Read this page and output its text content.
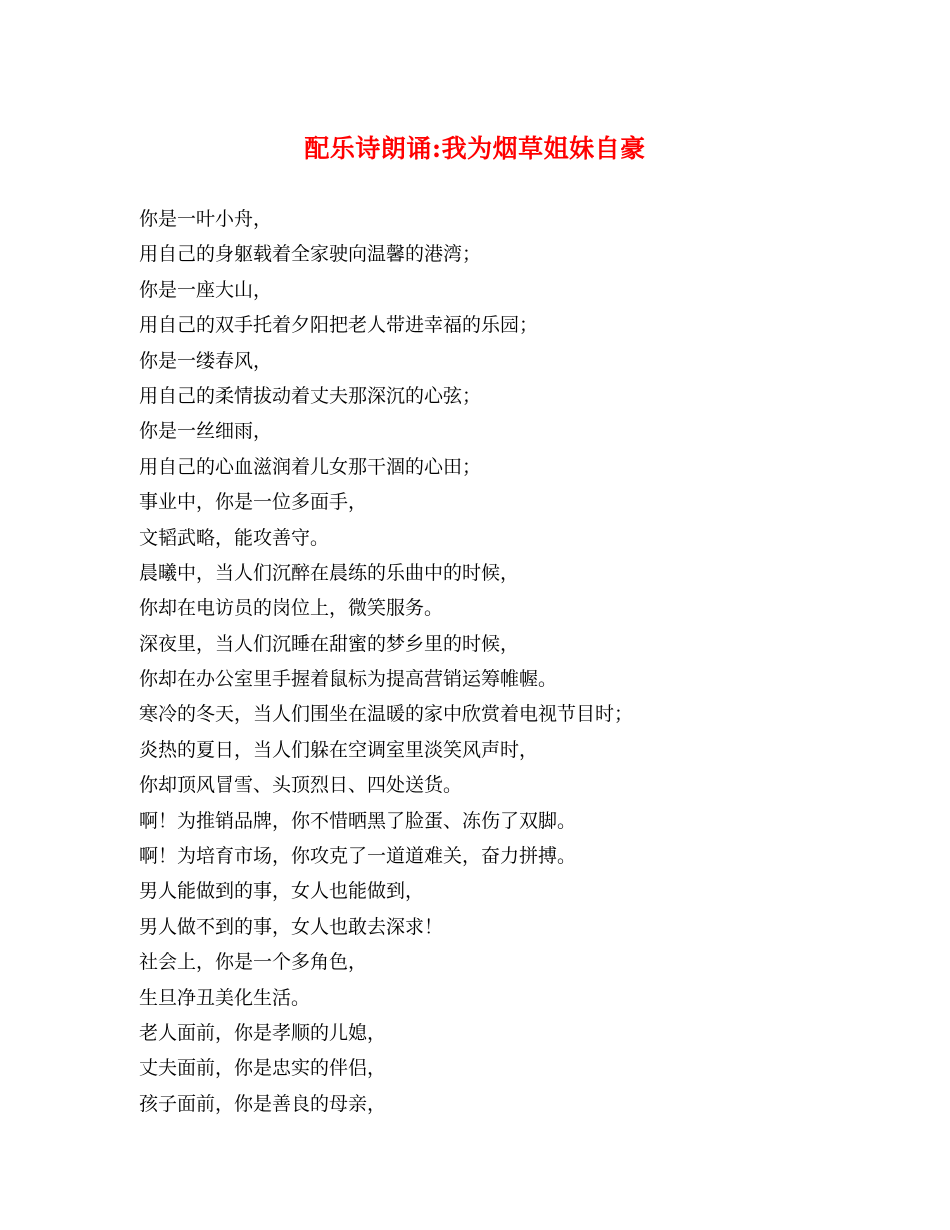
配乐诗朗诵:我为烟草姐妹自豪
你是一叶小舟，
用自己的身躯载着全家驶向温馨的港湾；
你是一座大山，
用自己的双手托着夕阳把老人带进幸福的乐园；
你是一缕春风，
用自己的柔情拔动着丈夫那深沉的心弦；
你是一丝细雨，
用自己的心血滋润着儿女那干涸的心田；
事业中，你是一位多面手，
文韬武略，能攻善守。
晨曦中，当人们沉醉在晨练的乐曲中的时候，
你却在电访员的岗位上，微笑服务。
深夜里，当人们沉睡在甜蜜的梦乡里的时候，
你却在办公室里手握着鼠标为提高营销运筹帷幄。
寒冷的冬天，当人们围坐在温暖的家中欣赏着电视节目时；
炎热的夏日，当人们躲在空调室里淡笑风声时，
你却顶风冒雪、头顶烈日、四处送货。
啊！为推销品牌，你不惜晒黑了脸蛋、冻伤了双脚。
啊！为培育市场，你攻克了一道道难关，奋力拼搏。
男人能做到的事，女人也能做到，
男人做不到的事，女人也敢去深求！
社会上，你是一个多角色，
生旦净丑美化生活。
老人面前，你是孝顺的儿媳，
丈夫面前，你是忠实的伴侣，
孩子面前，你是善良的母亲，
